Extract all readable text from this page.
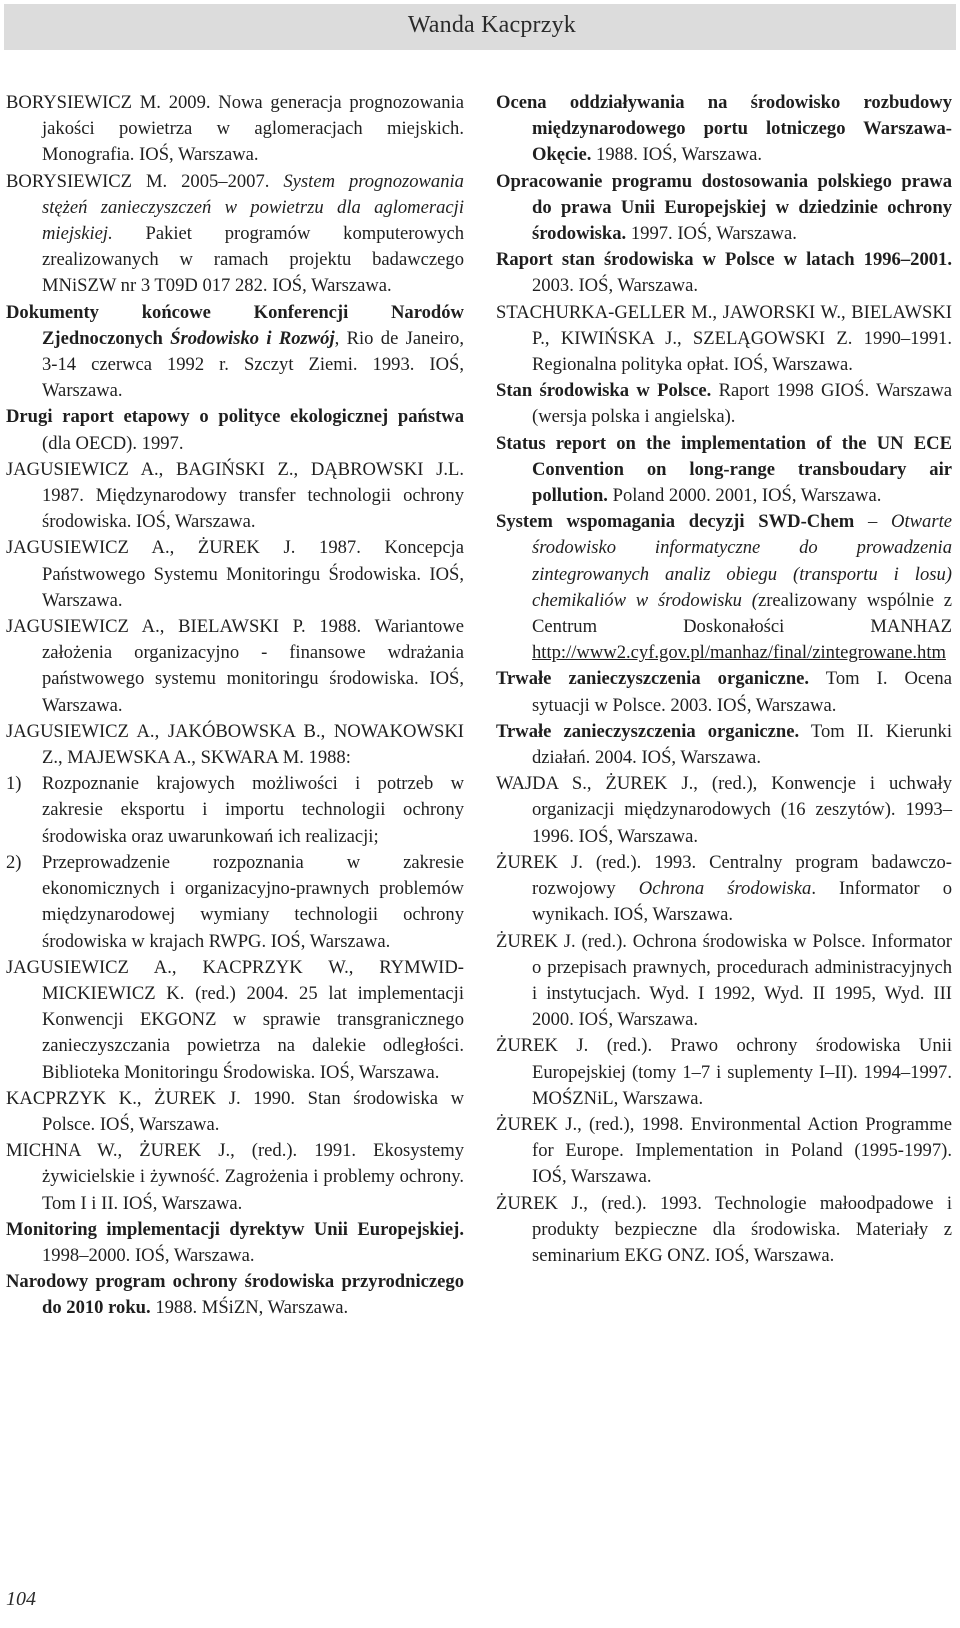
Wanda Kacprzyk

BORYSIEWICZ M. 2009. Nowa generacja prognozowania jakości powietrza w aglomeracjach miejskich. Monografia. IOŚ, Warszawa.

BORYSIEWICZ M. 2005–2007. System prognozowania stężeń zanieczyszczeń w powietrzu dla aglomeracji miejskiej. Pakiet programów komputerowych zrealizowanych w ramach projektu badawczego MNiSZW nr 3 T09D 017 282. IOŚ, Warszawa.

Dokumenty końcowe Konferencji Narodów Zjednoczonych Środowisko i Rozwój, Rio de Janeiro, 3-14 czerwca 1992 r. Szczyt Ziemi. 1993. IOŚ, Warszawa.

Drugi raport etapowy o polityce ekologicznej państwa (dla OECD). 1997.

JAGUSIEWICZ A., BAGIŃSKI Z., DĄBROWSKI J.L. 1987. Międzynarodowy transfer technologii ochrony środowiska. IOŚ, Warszawa.

JAGUSIEWICZ A., ŻUREK J. 1987. Koncepcja Państwowego Systemu Monitoringu Środowiska. IOŚ, Warszawa.

JAGUSIEWICZ A., BIELAWSKI P. 1988. Wariantowe założenia organizacyjno - finansowe wdrażania państwowego systemu monitoringu środowiska. IOŚ, Warszawa.

JAGUSIEWICZ A., JAKÓBOWSKA B., NOWAKOWSKI Z., MAJEWSKA A., SKWARA M. 1988:

1) Rozpoznanie krajowych możliwości i potrzeb w zakresie eksportu i importu technologii ochrony środowiska oraz uwarunkowań ich realizacji;

2) Przeprowadzenie rozpoznania w zakresie ekonomicznych i organizacyjno-prawnych problemów międzynarodowej wymiany technologii ochrony środowiska w krajach RWPG. IOŚ, Warszawa.

JAGUSIEWICZ A., KACPRZYK W., RYMWID-MICKIEWICZ K. (red.) 2004. 25 lat implementacji Konwencji EKGONZ w sprawie transgranicznego zanieczyszczania powietrza na dalekie odległości. Biblioteka Monitoringu Środowiska. IOŚ, Warszawa.

KACPRZYK K., ŻUREK J. 1990. Stan środowiska w Polsce. IOŚ, Warszawa.

MICHNA W., ŻUREK J., (red.). 1991. Ekosystemy żywicielskie i żywność. Zagrożenia i problemy ochrony. Tom I i II. IOŚ, Warszawa.

Monitoring implementacji dyrektyw Unii Europejskiej. 1998–2000. IOŚ, Warszawa.

Narodowy program ochrony środowiska przyrodniczego do 2010 roku. 1988. MŚiZN, Warszawa.

Ocena oddziaływania na środowisko rozbudowy międzynarodowego portu lotniczego Warszawa-Okęcie. 1988. IOŚ, Warszawa.

Opracowanie programu dostosowania polskiego prawa do prawa Unii Europejskiej w dziedzinie ochrony środowiska. 1997. IOŚ, Warszawa.

Raport stan środowiska w Polsce w latach 1996–2001. 2003. IOŚ, Warszawa.

STACHURKA-GELLER M., JAWORSKI W., BIELAWSKI P., KIWIŃSKA J., SZELĄGOWSKI Z. 1990–1991. Regionalna polityka opłat. IOŚ, Warszawa.

Stan środowiska w Polsce. Raport 1998 GIOŚ. Warszawa (wersja polska i angielska).

Status report on the implementation of the UN ECE Convention on long-range transboudary air pollution. Poland 2000. 2001, IOŚ, Warszawa.

System wspomagania decyzji SWD-Chem – Otwarte środowisko informatyczne do prowadzenia zintegrowanych analiz obiegu (transportu i losu) chemikaliów w środowisku (zrealizowany wspólnie z Centrum Doskonałości MANHAZ http://www2.cyf.gov.pl/manhaz/final/zintegrowane.htm

Trwałe zanieczyszczenia organiczne. Tom I. Ocena sytuacji w Polsce. 2003. IOŚ, Warszawa.

Trwałe zanieczyszczenia organiczne. Tom II. Kierunki działań. 2004. IOŚ, Warszawa.

WAJDA S., ŻUREK J., (red.), Konwencje i uchwały organizacji międzynarodowych (16 zeszytów). 1993–1996. IOŚ, Warszawa.

ŻUREK J. (red.). 1993. Centralny program badawczo-rozwojowy Ochrona środowiska. Informator o wynikach. IOŚ, Warszawa.

ŻUREK J. (red.). Ochrona środowiska w Polsce. Informator o przepisach prawnych, procedurach administracyjnych i instytucjach. Wyd. I 1992, Wyd. II 1995, Wyd. III 2000. IOŚ, Warszawa.

ŻUREK J. (red.). Prawo ochrony środowiska Unii Europejskiej (tomy 1–7 i suplementy I–II). 1994–1997. MOŚZNiL, Warszawa.

ŻUREK J., (red.), 1998. Environmental Action Programme for Europe. Implementation in Poland (1995-1997). IOŚ, Warszawa.

ŻUREK J., (red.). 1993. Technologie małoodpadowe i produkty bezpieczne dla środowiska. Materiały z seminarium EKG ONZ. IOŚ, Warszawa.

104
